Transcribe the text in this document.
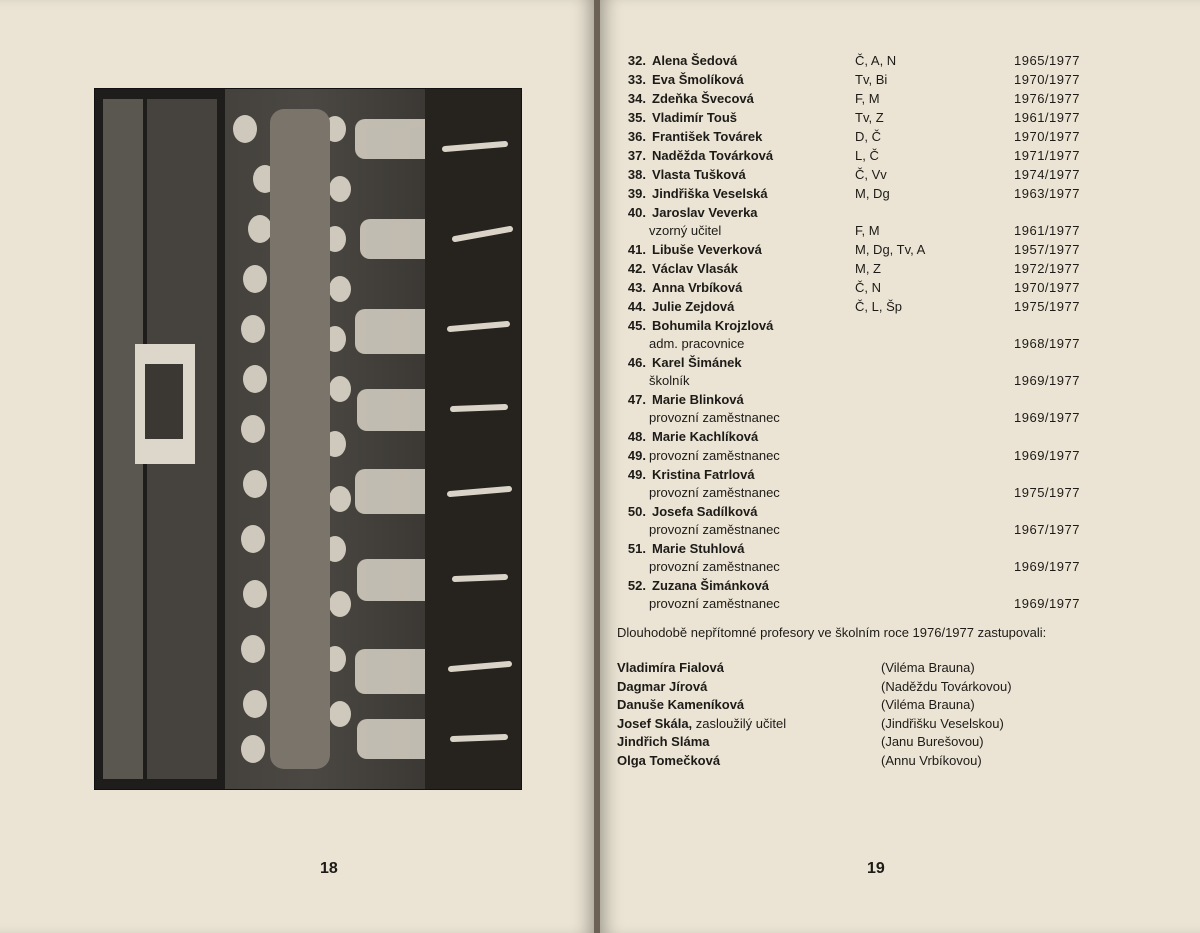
18
32. Alena Šedová	Č, A, N	1965/1977
33. Eva Šmolíková	Tv, Bi	1970/1977
34. Zdeňka Švecová	F, M	1976/1977
35. Vladimír Touš	Tv, Z	1961/1977
36. František Továrek	D, Č	1970/1977
37. Naděžda Továrková	L, Č	1971/1977
38. Vlasta Tušková	Č, Vv	1974/1977
39. Jindřiška Veselská	M, Dg	1963/1977
40. Jaroslav Veverka
vzorný učitel	F, M	1961/1977
41. Libuše Veverková	M, Dg, Tv, A	1957/1977
42. Václav Vlasák	M, Z	1972/1977
43. Anna Vrbíková	Č, N	1970/1977
44. Julie Zejdová	Č, L, Šp	1975/1977
45. Bohumila Krojzlová
adm. pracovnice	1968/1977
46. Karel Šimánek
školník	1969/1977
47. Marie Blinková
provozní zaměstnanec	1969/1977
48. Marie Kachlíková
49. provozní zaměstnanec	1969/1977
49. Kristina Fatrlová
provozní zaměstnanec	1975/1977
50. Josefa Sadílková
provozní zaměstnanec	1967/1977
51. Marie Stuhlová
provozní zaměstnanec	1969/1977
52. Zuzana Šimánková
provozní zaměstnanec	1969/1977
Dlouhodobě nepřítomné profesory ve školním roce 1976/1977 zastupovali:
Vladimíra Fialová	(Viléma Brauna)
Dagmar Jírová	(Naděždu Továrkovou)
Danuše Kameníková	(Viléma Brauna)
Josef Skála, zasloužilý učitel	(Jindřišku Veselskou)
Jindřich Sláma	(Janu Burešovou)
Olga Tomečková	(Annu Vrbíkovou)
19
